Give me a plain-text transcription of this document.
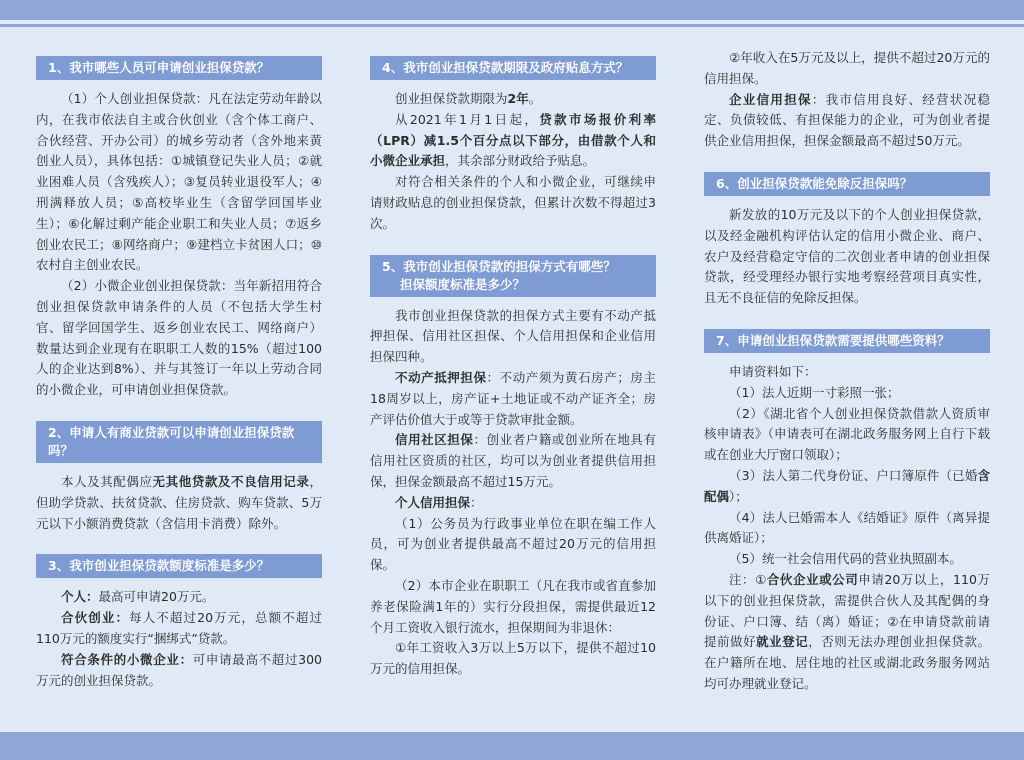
1、我市哪些人员可申请创业担保贷款？

（1）个人创业担保贷款：凡在法定劳动年龄以内，在我市依法自主或合伙创业（含个体工商户、合伙经营、开办公司）的城乡劳动者（含外地来黄创业人员），具体包括：①城镇登记失业人员；②就业困难人员（含残疾人）；③复员转业退役军人；④刑满释放人员；⑤高校毕业生（含留学回国毕业生）；⑥化解过剩产能企业职工和失业人员；⑦返乡创业农民工；⑧网络商户；⑨建档立卡贫困人口；⑩农村自主创业农民。

（2）小微企业创业担保贷款：当年新招用符合创业担保贷款申请条件的人员（不包括大学生村官、留学回国学生、返乡创业农民工、网络商户）数量达到企业现有在职职工人数的15%（超过100人的企业达到8%）、并与其签订一年以上劳动合同的小微企业，可申请创业担保贷款。

2、申请人有商业贷款可以申请创业担保贷款吗？

本人及其配偶应无其他贷款及不良信用记录，但助学贷款、扶贫贷款、住房贷款、购车贷款、5万元以下小额消费贷款（含信用卡消费）除外。

3、我市创业担保贷款额度标准是多少？

个人：最高可申请20万元。

合伙创业：每人不超过20万元，总额不超过110万元的额度实行“捆绑式”贷款。

符合条件的小微企业：可申请最高不超过300万元的创业担保贷款。

4、我市创业担保贷款期限及政府贴息方式？

创业担保贷款期限为2年。

从2021年1月1日起，贷款市场报价利率（LPR）减1.5个百分点以下部分，由借款个人和小微企业承担，其余部分财政给予贴息。

对符合相关条件的个人和小微企业，可继续申请财政贴息的创业担保贷款，但累计次数不得超过3次。

5、我市创业担保贷款的担保方式有哪些？
担保额度标准是多少？

我市创业担保贷款的担保方式主要有不动产抵押担保、信用社区担保、个人信用担保和企业信用担保四种。

不动产抵押担保：不动产须为黄石房产；房主18周岁以上，房产证+土地证或不动产证齐全；房产评估价值大于或等于贷款审批金额。

信用社区担保：创业者户籍或创业所在地具有信用社区资质的社区，均可以为创业者提供信用担保，担保金额最高不超过15万元。

个人信用担保：

（1）公务员为行政事业单位在职在编工作人员，可为创业者提供最高不超过20万元的信用担保。

（2）本市企业在职职工（凡在我市或省直参加养老保险满1年的）实行分段担保，需提供最近12个月工资收入银行流水，担保期间为非退休：

①年工资收入3万以上5万以下，提供不超过10万元的信用担保。

②年收入在5万元及以上，提供不超过20万元的信用担保。

企业信用担保：我市信用良好、经营状况稳定、负债较低、有担保能力的企业，可为创业者提供企业信用担保，担保金额最高不超过50万元。

6、创业担保贷款能免除反担保吗？

新发放的10万元及以下的个人创业担保贷款，以及经金融机构评估认定的信用小微企业、商户、农户及经营稳定守信的二次创业者申请的创业担保贷款，经受理经办银行实地考察经营项目真实性，且无不良征信的免除反担保。

7、申请创业担保贷款需要提供哪些资料？

申请资料如下：

（1）法人近期一寸彩照一张；

（2）《湖北省个人创业担保贷款借款人资质审核申请表》（申请表可在湖北政务服务网上自行下载或在创业大厅窗口领取）；

（3）法人第二代身份证、户口簿原件（已婚含配偶）；

（4）法人已婚需本人《结婚证》原件（离异提供离婚证）；

（5）统一社会信用代码的营业执照副本。

注：①合伙企业或公司申请20万以上，110万以下的创业担保贷款，需提供合伙人及其配偶的身份证、户口簿、结（离）婚证；②在申请贷款前请提前做好就业登记，否则无法办理创业担保贷款。在户籍所在地、居住地的社区或湖北政务服务网站均可办理就业登记。
